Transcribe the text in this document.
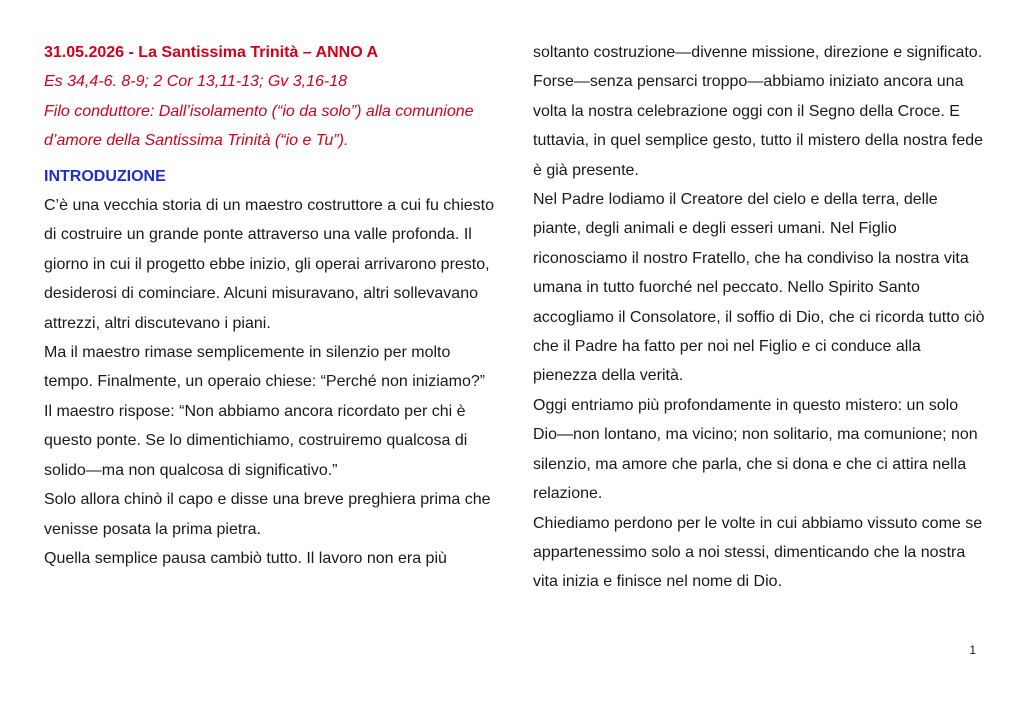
31.05.2026 - La Santissima Trinità – ANNO A

Es 34,4-6. 8-9; 2 Cor 13,11-13; Gv 3,16-18

Filo conduttore: Dall’isolamento (“io da solo”) alla comunione d’amore della Santissima Trinità (“io e Tu”).

INTRODUZIONE

C’è una vecchia storia di un maestro costruttore a cui fu chiesto di costruire un grande ponte attraverso una valle profonda. Il giorno in cui il progetto ebbe inizio, gli operai arrivarono presto, desiderosi di cominciare. Alcuni misuravano, altri sollevavano attrezzi, altri discutevano i piani.

Ma il maestro rimase semplicemente in silenzio per molto tempo. Finalmente, un operaio chiese: “Perché non iniziamo?”

Il maestro rispose: “Non abbiamo ancora ricordato per chi è questo ponte. Se lo dimentichiamo, costruiremo qualcosa di solido—ma non qualcosa di significativo.”

Solo allora chinò il capo e disse una breve preghiera prima che venisse posata la prima pietra.

Quella semplice pausa cambiò tutto. Il lavoro non era più

soltanto costruzione—divenne missione, direzione e significato.

Forse—senza pensarci troppo—abbiamo iniziato ancora una volta la nostra celebrazione oggi con il Segno della Croce. E tuttavia, in quel semplice gesto, tutto il mistero della nostra fede è già presente.

Nel Padre lodiamo il Creatore del cielo e della terra, delle piante, degli animali e degli esseri umani. Nel Figlio riconosciamo il nostro Fratello, che ha condiviso la nostra vita umana in tutto fuorché nel peccato. Nello Spirito Santo accogliamo il Consolatore, il soffio di Dio, che ci ricorda tutto ciò che il Padre ha fatto per noi nel Figlio e ci conduce alla pienezza della verità.

Oggi entriamo più profondamente in questo mistero: un solo Dio—non lontano, ma vicino; non solitario, ma comunione; non silenzio, ma amore che parla, che si dona e che ci attira nella relazione.

Chiediamo perdono per le volte in cui abbiamo vissuto come se appartenessimo solo a noi stessi, dimenticando che la nostra vita inizia e finisce nel nome di Dio.

1
